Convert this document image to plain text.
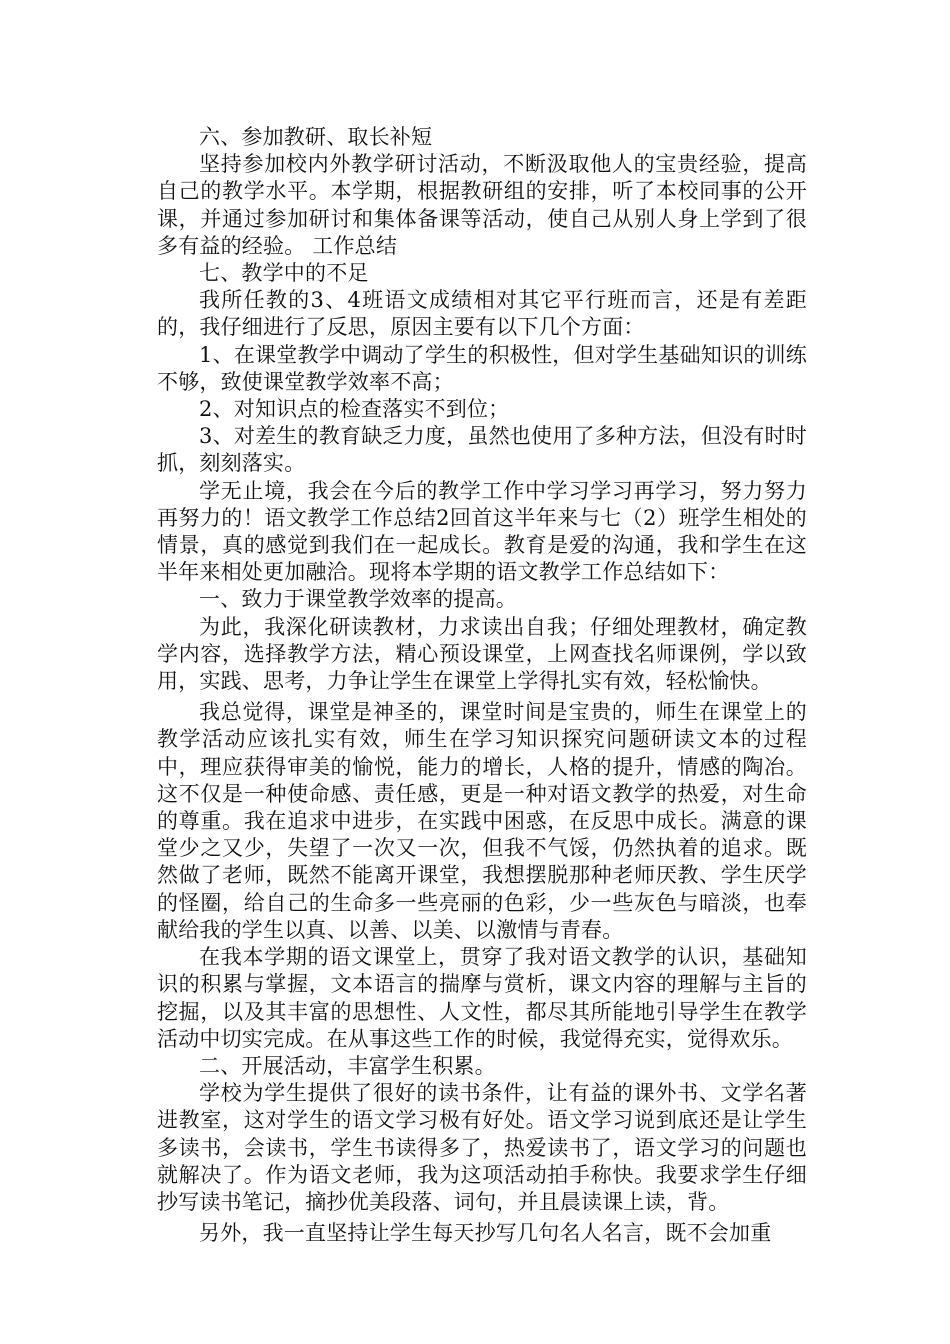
六、参加教研、取长补短

坚持参加校内外教学研讨活动，不断汲取他人的宝贵经验，提高自己的教学水平。本学期，根据教研组的安排，听了本校同事的公开课，并通过参加研讨和集体备课等活动，使自己从别人身上学到了很多有益的经验。 工作总结

七、教学中的不足

我所任教的3、4班语文成绩相对其它平行班而言，还是有差距的，我仔细进行了反思，原因主要有以下几个方面：

1、在课堂教学中调动了学生的积极性，但对学生基础知识的训练不够，致使课堂教学效率不高；

2、对知识点的检查落实不到位；

3、对差生的教育缺乏力度，虽然也使用了多种方法，但没有时时抓，刻刻落实。

学无止境，我会在今后的教学工作中学习学习再学习，努力努力再努力的！语文教学工作总结2回首这半年来与七（2）班学生相处的情景，真的感觉到我们在一起成长。教育是爱的沟通，我和学生在这半年来相处更加融洽。现将本学期的语文教学工作总结如下：

一、致力于课堂教学效率的提高。

为此，我深化研读教材，力求读出自我；仔细处理教材，确定教学内容，选择教学方法，精心预设课堂，上网查找名师课例，学以致用，实践、思考，力争让学生在课堂上学得扎实有效，轻松愉快。

我总觉得，课堂是神圣的，课堂时间是宝贵的，师生在课堂上的教学活动应该扎实有效，师生在学习知识探究问题研读文本的过程中，理应获得审美的愉悦，能力的增长，人格的提升，情感的陶冶。这不仅是一种使命感、责任感，更是一种对语文教学的热爱，对生命的尊重。我在追求中进步，在实践中困惑，在反思中成长。满意的课堂少之又少，失望了一次又一次，但我不气馁，仍然执着的追求。既然做了老师，既然不能离开课堂，我想摆脱那种老师厌教、学生厌学的怪圈，给自己的生命多一些亮丽的色彩，少一些灰色与暗淡，也奉献给我的学生以真、以善、以美、以激情与青春。

在我本学期的语文课堂上，贯穿了我对语文教学的认识，基础知识的积累与掌握，文本语言的揣摩与赏析，课文内容的理解与主旨的挖掘，以及其丰富的思想性、人文性，都尽其所能地引导学生在教学活动中切实完成。在从事这些工作的时候，我觉得充实，觉得欢乐。

二、开展活动，丰富学生积累。

学校为学生提供了很好的读书条件，让有益的课外书、文学名著进教室，这对学生的语文学习极有好处。语文学习说到底还是让学生多读书，会读书，学生书读得多了，热爱读书了，语文学习的问题也就解决了。作为语文老师，我为这项活动拍手称快。我要求学生仔细抄写读书笔记，摘抄优美段落、词句，并且晨读课上读，背。

另外，我一直坚持让学生每天抄写几句名人名言，既不会加重
